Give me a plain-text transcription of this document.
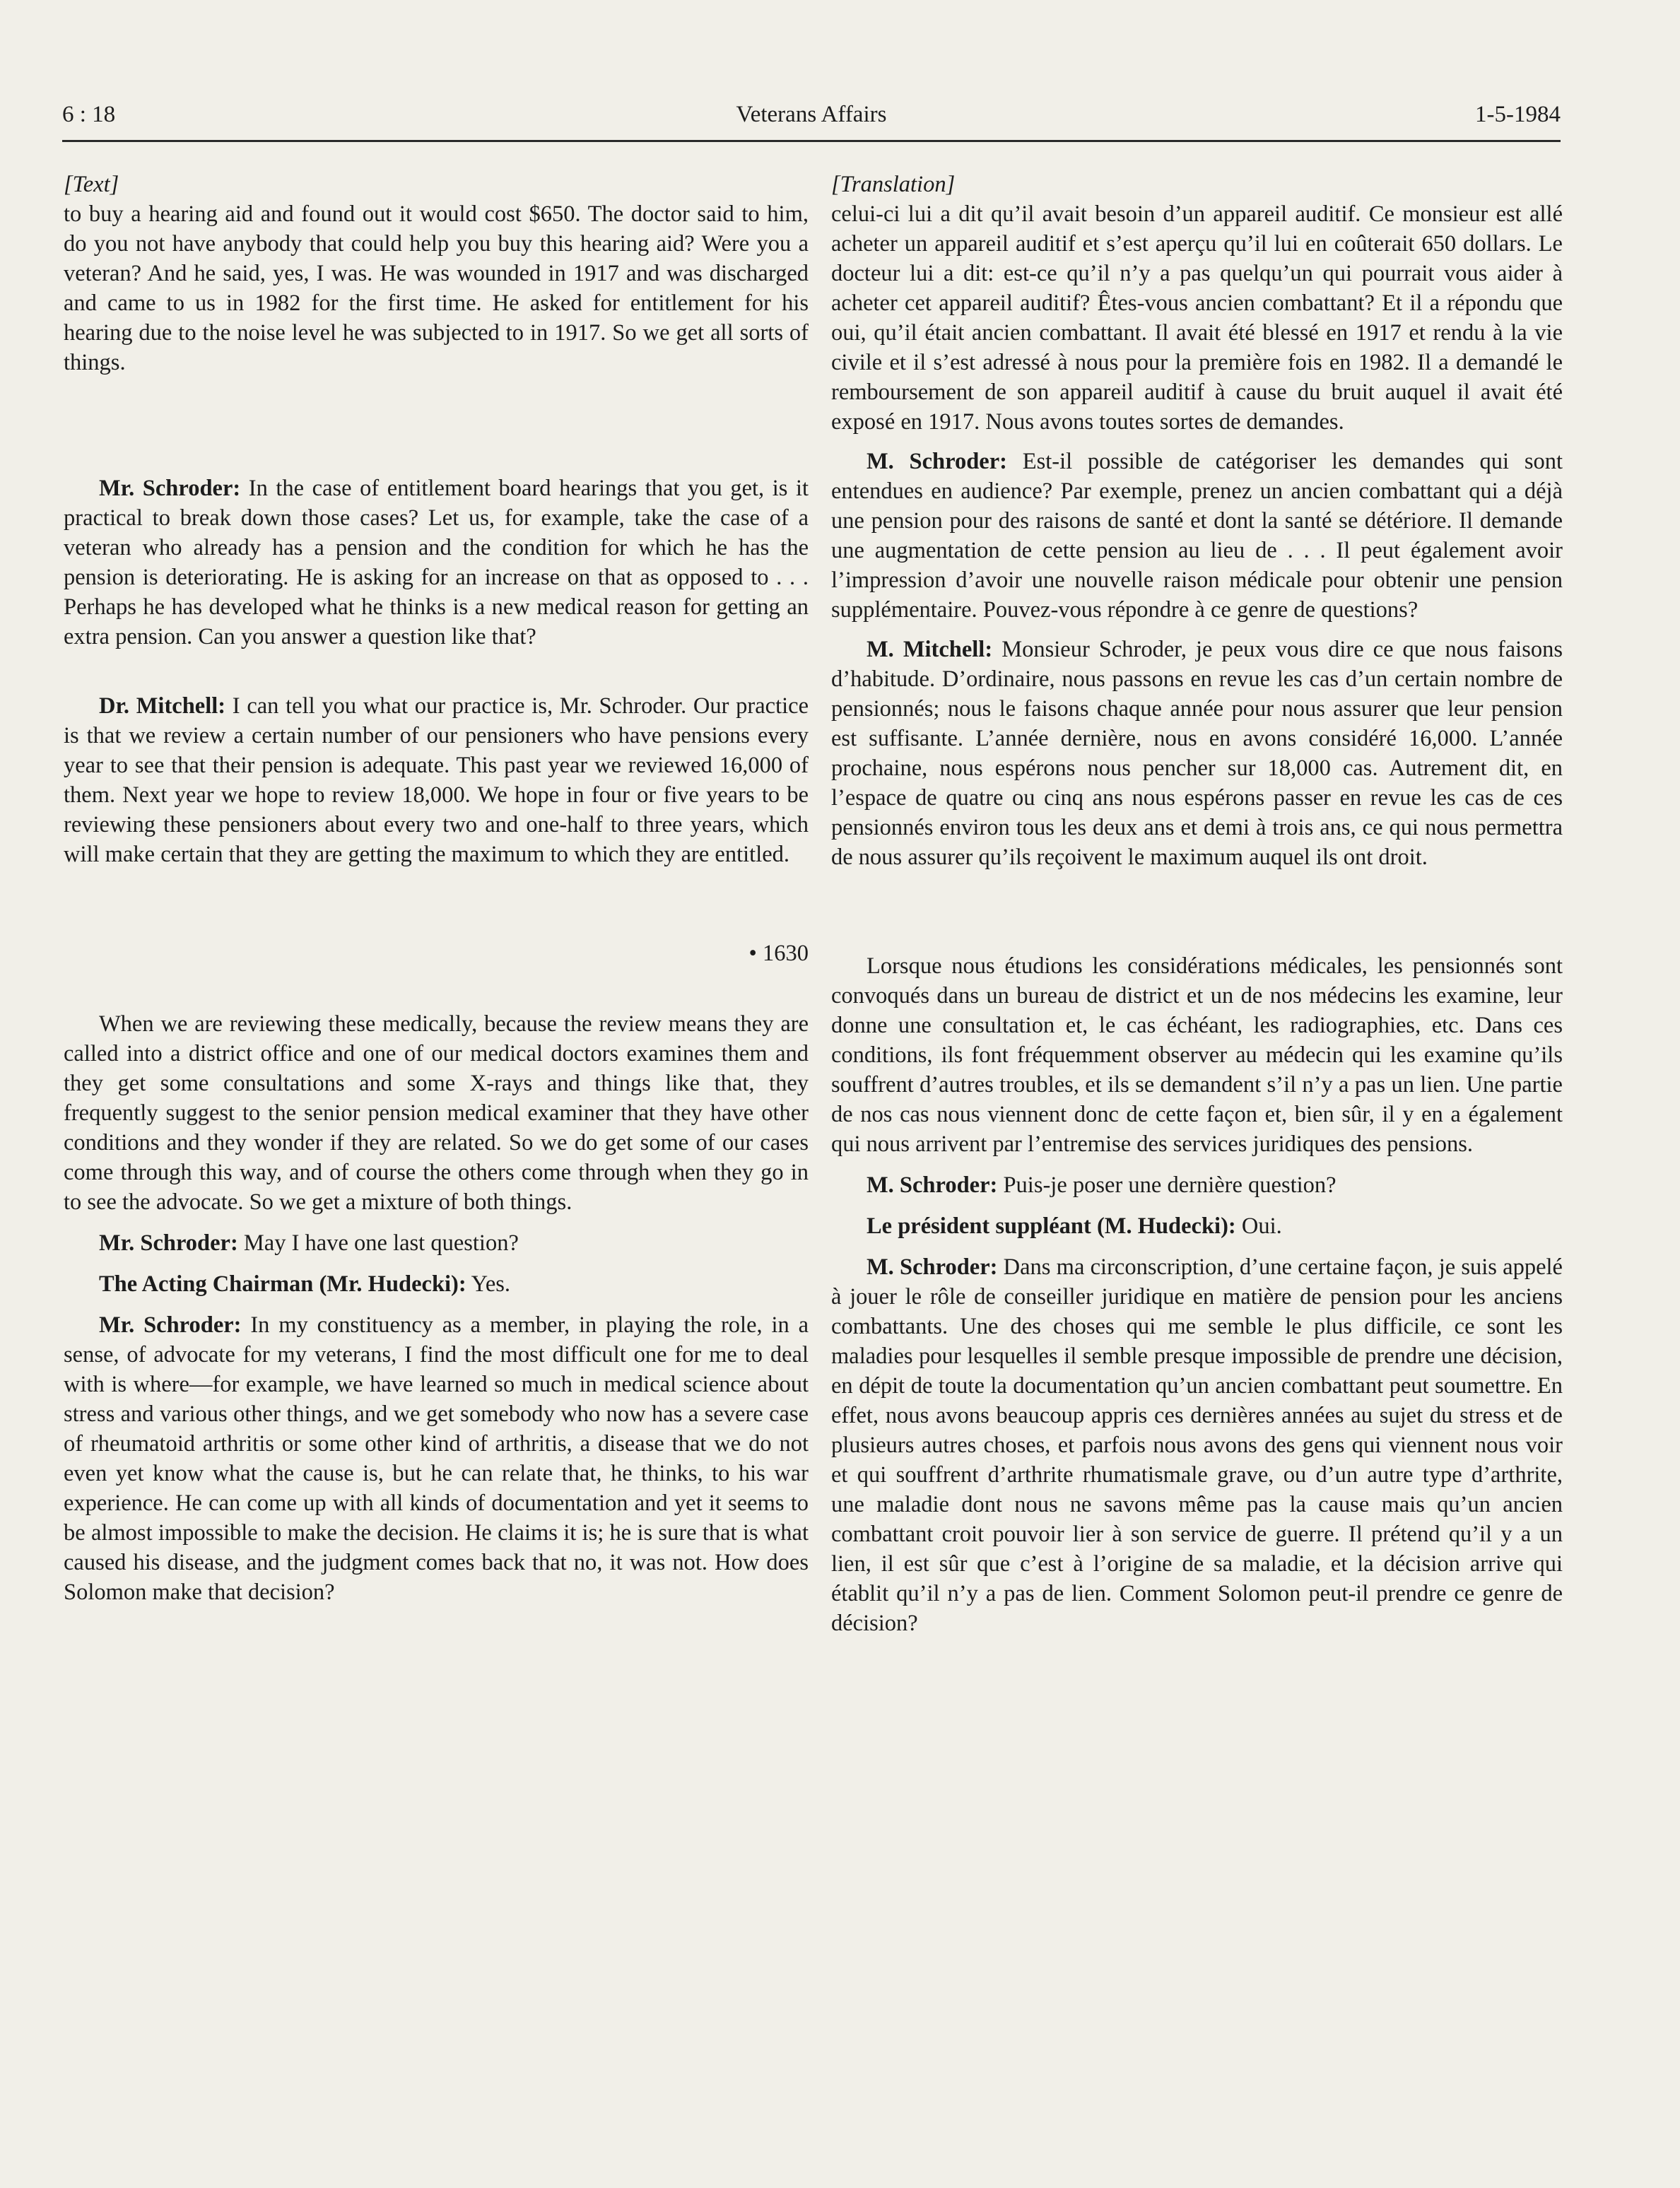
6 : 18	Veterans Affairs	1-5-1984

[Text]

to buy a hearing aid and found out it would cost $650. The doctor said to him, do you not have anybody that could help you buy this hearing aid? Were you a veteran? And he said, yes, I was. He was wounded in 1917 and was discharged and came to us in 1982 for the first time. He asked for entitlement for his hearing due to the noise level he was subjected to in 1917. So we get all sorts of things.

Mr. Schroder: In the case of entitlement board hearings that you get, is it practical to break down those cases? Let us, for example, take the case of a veteran who already has a pension and the condition for which he has the pension is deteriorating. He is asking for an increase on that as opposed to . . . Perhaps he has developed what he thinks is a new medical reason for getting an extra pension. Can you answer a question like that?

Dr. Mitchell: I can tell you what our practice is, Mr. Schroder. Our practice is that we review a certain number of our pensioners who have pensions every year to see that their pension is adequate. This past year we reviewed 16,000 of them. Next year we hope to review 18,000. We hope in four or five years to be reviewing these pensioners about every two and one-half to three years, which will make certain that they are getting the maximum to which they are entitled.

• 1630

When we are reviewing these medically, because the review means they are called into a district office and one of our medical doctors examines them and they get some consultations and some X-rays and things like that, they frequently suggest to the senior pension medical examiner that they have other conditions and they wonder if they are related. So we do get some of our cases come through this way, and of course the others come through when they go in to see the advocate. So we get a mixture of both things.

Mr. Schroder: May I have one last question?

The Acting Chairman (Mr. Hudecki): Yes.

Mr. Schroder: In my constituency as a member, in playing the role, in a sense, of advocate for my veterans, I find the most difficult one for me to deal with is where—for example, we have learned so much in medical science about stress and various other things, and we get somebody who now has a severe case of rheumatoid arthritis or some other kind of arthritis, a disease that we do not even yet know what the cause is, but he can relate that, he thinks, to his war experience. He can come up with all kinds of documentation and yet it seems to be almost impossible to make the decision. He claims it is; he is sure that is what caused his disease, and the judgment comes back that no, it was not. How does Solomon make that decision?

[Translation]

celui-ci lui a dit qu’il avait besoin d’un appareil auditif. Ce monsieur est allé acheter un appareil auditif et s’est aperçu qu’il lui en coûterait 650 dollars. Le docteur lui a dit: est-ce qu’il n’y a pas quelqu’un qui pourrait vous aider à acheter cet appareil auditif? Êtes-vous ancien combattant? Et il a répondu que oui, qu’il était ancien combattant. Il avait été blessé en 1917 et rendu à la vie civile et il s’est adressé à nous pour la première fois en 1982. Il a demandé le remboursement de son appareil auditif à cause du bruit auquel il avait été exposé en 1917. Nous avons toutes sortes de demandes.

M. Schroder: Est-il possible de catégoriser les demandes qui sont entendues en audience? Par exemple, prenez un ancien combattant qui a déjà une pension pour des raisons de santé et dont la santé se détériore. Il demande une augmentation de cette pension au lieu de . . . Il peut également avoir l’impression d’avoir une nouvelle raison médicale pour obtenir une pension supplémentaire. Pouvez-vous répondre à ce genre de questions?

M. Mitchell: Monsieur Schroder, je peux vous dire ce que nous faisons d’habitude. D’ordinaire, nous passons en revue les cas d’un certain nombre de pensionnés; nous le faisons chaque année pour nous assurer que leur pension est suffisante. L’année dernière, nous en avons considéré 16,000. L’année prochaine, nous espérons nous pencher sur 18,000 cas. Autrement dit, en l’espace de quatre ou cinq ans nous espérons passer en revue les cas de ces pensionnés environ tous les deux ans et demi à trois ans, ce qui nous permettra de nous assurer qu’ils reçoivent le maximum auquel ils ont droit.

Lorsque nous étudions les considérations médicales, les pensionnés sont convoqués dans un bureau de district et un de nos médecins les examine, leur donne une consultation et, le cas échéant, les radiographies, etc. Dans ces conditions, ils font fréquemment observer au médecin qui les examine qu’ils souffrent d’autres troubles, et ils se demandent s’il n’y a pas un lien. Une partie de nos cas nous viennent donc de cette façon et, bien sûr, il y en a également qui nous arrivent par l’entremise des services juridiques des pensions.

M. Schroder: Puis-je poser une dernière question?

Le président suppléant (M. Hudecki): Oui.

M. Schroder: Dans ma circonscription, d’une certaine façon, je suis appelé à jouer le rôle de conseiller juridique en matière de pension pour les anciens combattants. Une des choses qui me semble le plus difficile, ce sont les maladies pour lesquelles il semble presque impossible de prendre une décision, en dépit de toute la documentation qu’un ancien combattant peut soumettre. En effet, nous avons beaucoup appris ces dernières années au sujet du stress et de plusieurs autres choses, et parfois nous avons des gens qui viennent nous voir et qui souffrent d’arthrite rhumatismale grave, ou d’un autre type d’arthrite, une maladie dont nous ne savons même pas la cause mais qu’un ancien combattant croit pouvoir lier à son service de guerre. Il prétend qu’il y a un lien, il est sûr que c’est à l’origine de sa maladie, et la décision arrive qui établit qu’il n’y a pas de lien. Comment Solomon peut-il prendre ce genre de décision?
